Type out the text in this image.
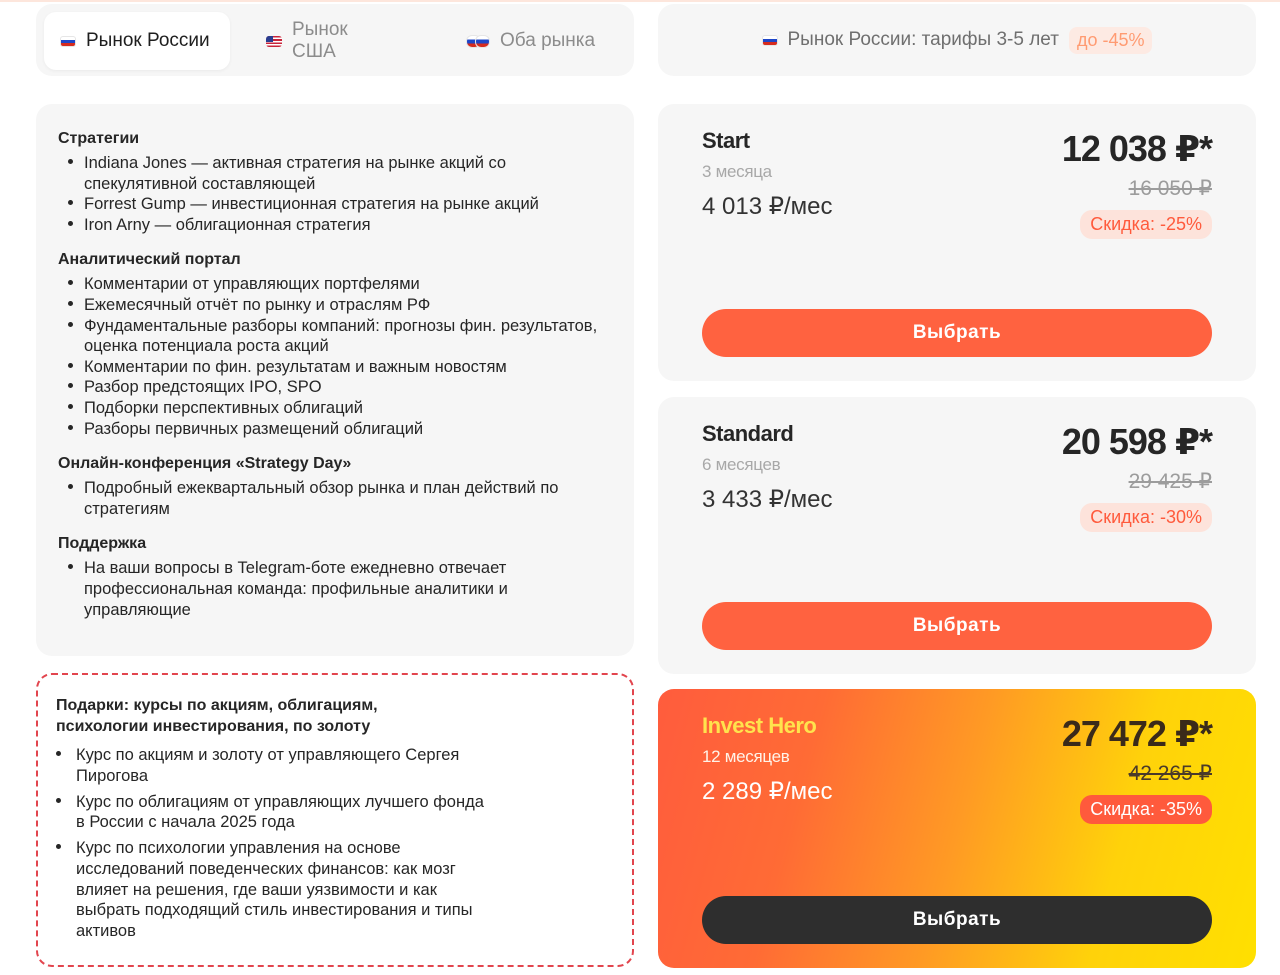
Рынок России
Рынок США
Оба рынка	Рынок России: тарифы 3-5 лет	до -45%
Стратегии
Indiana Jones — активная стратегия на рынке акций со спекулятивной составляющей
Forrest Gump — инвестиционная стратегия на рынке акций
Iron Arny — облигационная стратегия
Аналитический портал
Комментарии от управляющих портфелями
Ежемесячный отчёт по рынку и отраслям РФ
Фундаментальные разборы компаний: прогнозы фин. результатов, оценка потенциала роста акций
Комментарии по фин. результатам и важным новостям
Разбор предстоящих IPO, SPO
Подборки перспективных облигаций
Разборы первичных размещений облигаций
Онлайн-конференция «Strategy Day»
Подробный ежеквартальный обзор рынка и план действий по стратегиям
Поддержка
На ваши вопросы в Telegram-боте ежедневно отвечает профессиональная команда: профильные аналитики и управляющие
Подарки: курсы по акциям, облигациям, психологии инвестирования, по золоту
Курс по акциям и золоту от управляющего Сергея Пирогова
Курс по облигациям от управляющих лучшего фонда в России с начала 2025 года
Курс по психологии управления на основе исследований поведенческих финансов: как мозг влияет на решения, где ваши уязвимости и как выбрать подходящий стиль инвестирования и типы активов
Start
3 месяца
4 013 ₽/мес
12 038 ₽*
16 050 ₽
Скидка: -25%
Выбрать
Standard
6 месяцев
3 433 ₽/мес
20 598 ₽*
29 425 ₽
Скидка: -30%
Выбрать
Invest Hero
12 месяцев
2 289 ₽/мес
27 472 ₽*
42 265 ₽
Скидка: -35%
Выбрать
